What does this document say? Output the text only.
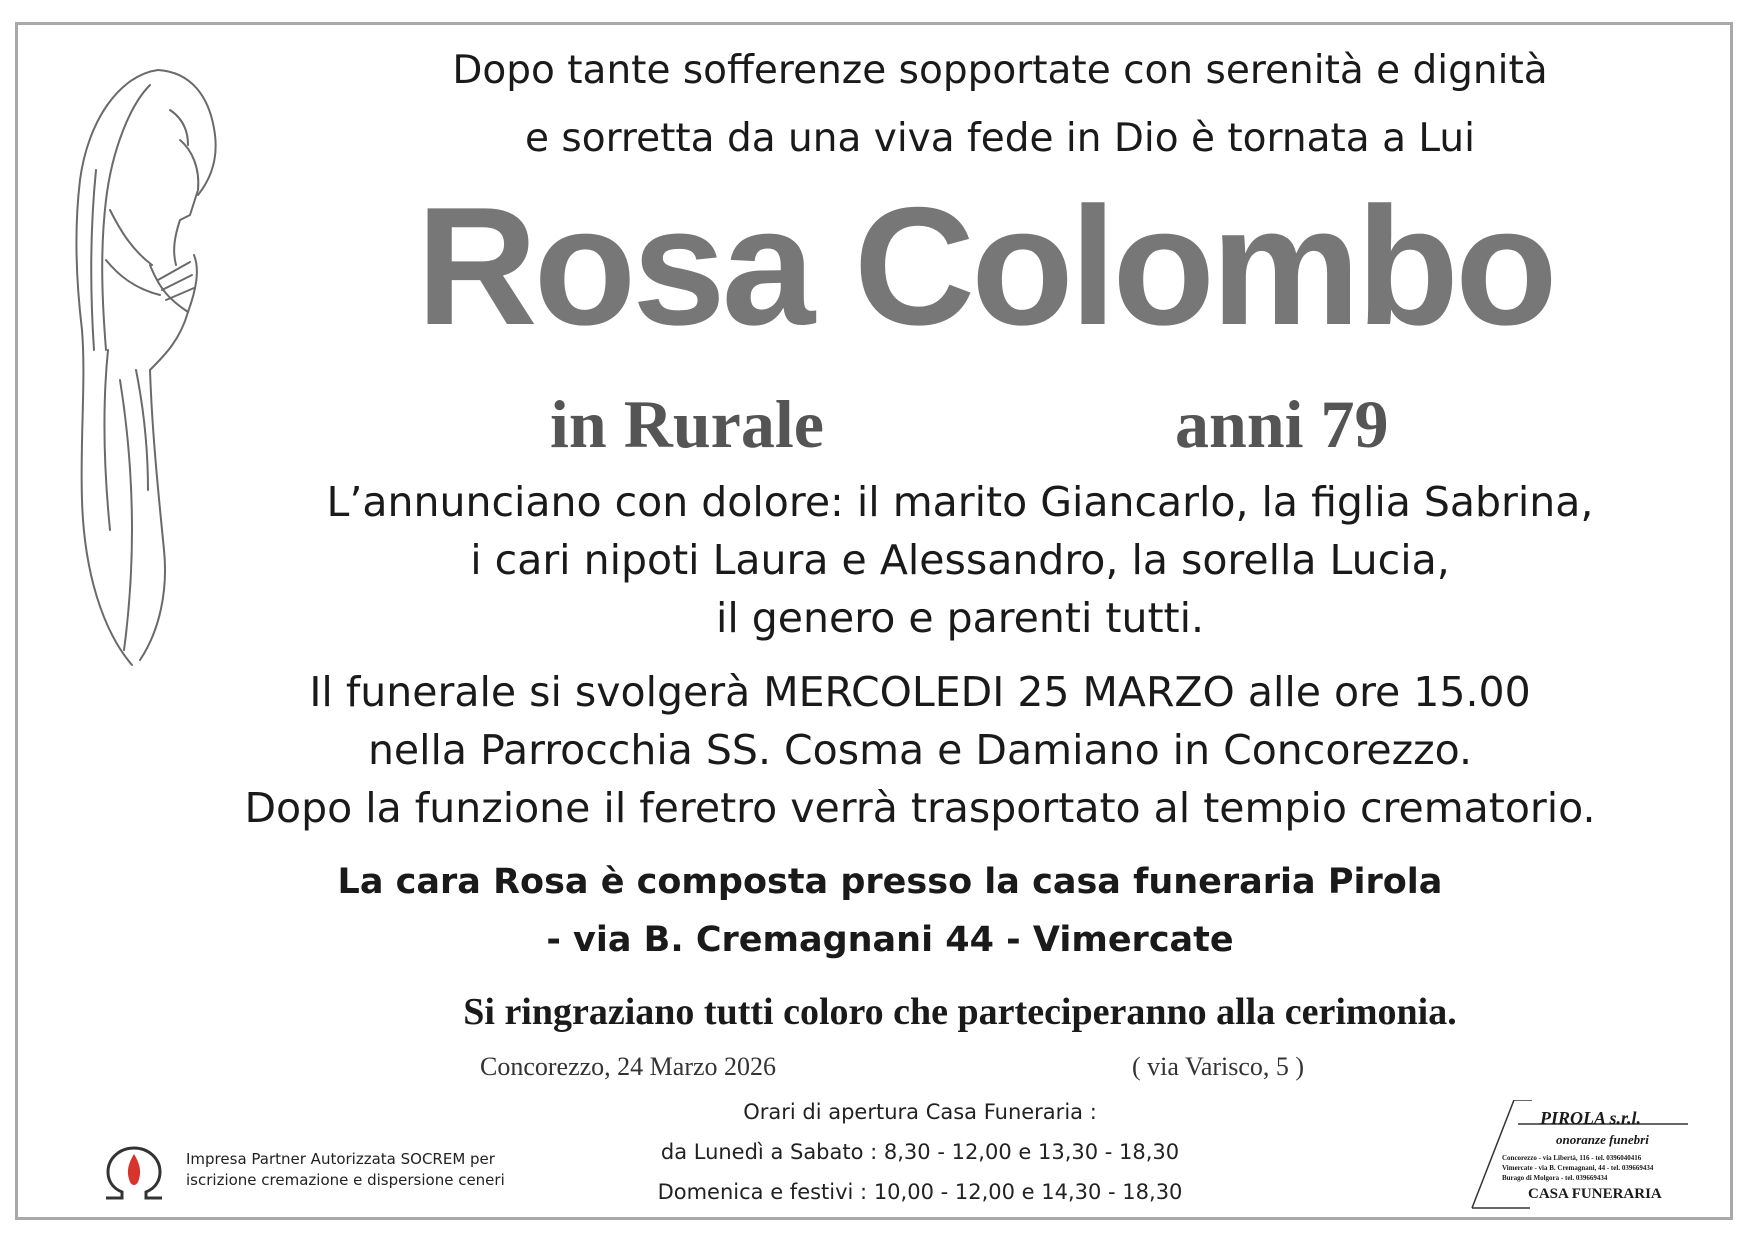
Dopo tante sofferenze sopportate con serenità e dignità
e sorretta da una viva fede in Dio è tornata a Lui
Rosa Colombo
in Rurale	anni 79
L’annunciano con dolore: il marito Giancarlo, la figlia Sabrina,
i cari nipoti Laura e Alessandro, la sorella Lucia,
il genero e parenti tutti.
Il funerale si svolgerà MERCOLEDI 25 MARZO alle ore 15.00
nella Parrocchia SS. Cosma e Damiano in Concorezzo.
Dopo la funzione il feretro verrà trasportato al tempio crematorio.
La cara Rosa è composta presso la casa funeraria Pirola
- via B. Cremagnani 44 - Vimercate
Si ringraziano tutti coloro che parteciperanno alla cerimonia.
Concorezzo, 24 Marzo 2026	( via Varisco, 5 )
Orari di apertura Casa Funeraria :
da Lunedì a Sabato : 8,30 - 12,00 e 13,30 - 18,30
Domenica e festivi : 10,00 - 12,00 e 14,30 - 18,30
Impresa Partner Autorizzata SOCREM per
iscrizione cremazione e dispersione ceneri
PIROLA s.r.l.
onoranze funebri
Concorezzo - via Libertà, 116 - tel. 0396040416
Vimercate - via B. Cremagnani, 44 - tel. 039669434
Burago di Molgora - tel. 039669434
CASA FUNERARIA
